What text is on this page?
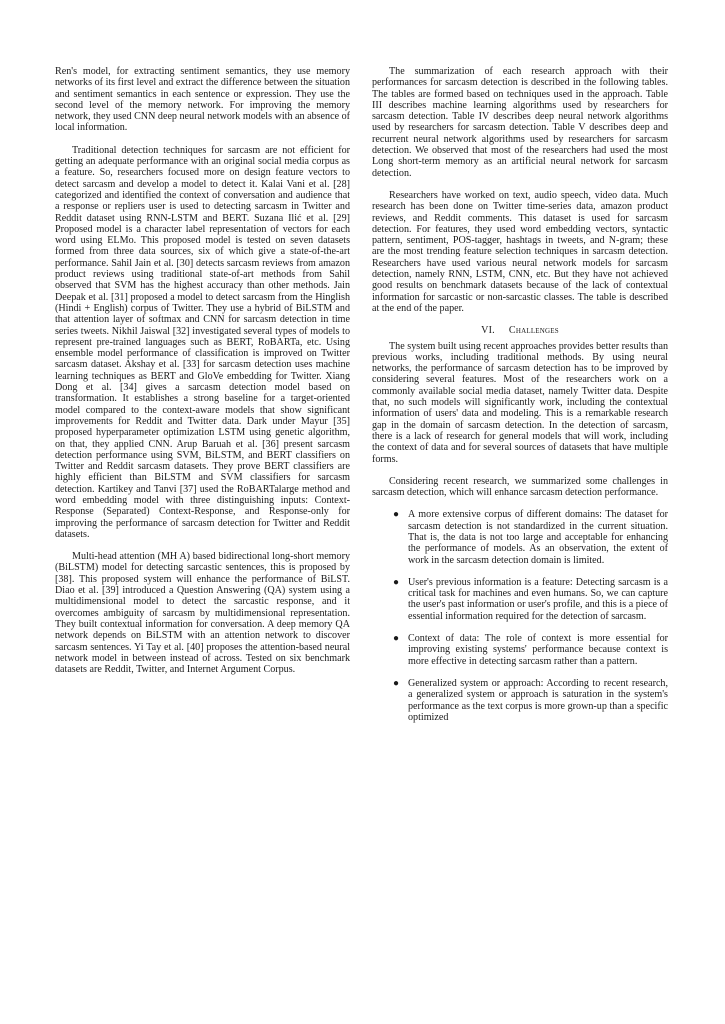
Ren's model, for extracting sentiment semantics, they use memory networks of its first level and extract the difference between the situation and sentiment semantics in each sentence or expression. They use the second level of the memory network. For improving the memory network, they used CNN deep neural network models with an absence of local information.

Traditional detection techniques for sarcasm are not efficient for getting an adequate performance with an original social media corpus as a feature. So, researchers focused more on design feature vectors to detect sarcasm and develop a model to detect it. Kalai Vani et al. [28] categorized and identified the context of conversation and audience that a response or repliers user is used to detecting sarcasm in Twitter and Reddit dataset using RNN-LSTM and BERT. Suzana Ilić et al. [29] Proposed model is a character label representation of vectors for each word using ELMo. This proposed model is tested on seven datasets formed from three data sources, six of which give a state-of-the-art performance. Sahil Jain et al. [30] detects sarcasm reviews from amazon product reviews using traditional state-of-art methods from Sahil observed that SVM has the highest accuracy than other methods. Jain Deepak et al. [31] proposed a model to detect sarcasm from the Hinglish (Hindi + English) corpus of Twitter. They use a hybrid of BiLSTM and that attention layer of softmax and CNN for sarcasm detection in time series tweets. Nikhil Jaiswal [32] investigated several types of models to represent pre-trained languages such as BERT, RoBARTa, etc. Using ensemble model performance of classification is improved on Twitter sarcasm dataset. Akshay et al. [33] for sarcasm detection uses machine learning techniques as BERT and GloVe embedding for Twitter. Xiang Dong et al. [34] gives a sarcasm detection model based on transformation. It establishes a strong baseline for a target-oriented model compared to the context-aware models that show significant improvements for Reddit and Twitter data. Dark under Mayur [35] proposed hyperparameter optimization LSTM using genetic algorithm, on that, they applied CNN. Arup Baruah et al. [36] present sarcasm detection performance using SVM, BiLSTM, and BERT classifiers on Twitter and Reddit sarcasm datasets. They prove BERT classifiers are highly efficient than BiLSTM and SVM classifiers for sarcasm detection. Kartikey and Tanvi [37] used the RoBARTalarge method and word embedding model with three distinguishing inputs: Context-Response (Separated) Context-Response, and Response-only for improving the performance of sarcasm detection for Twitter and Reddit datasets.

Multi-head attention (MH A) based bidirectional long-short memory (BiLSTM) model for detecting sarcastic sentences, this is proposed by [38]. This proposed system will enhance the performance of BiLST. Diao et al. [39] introduced a Question Answering (QA) system using a multidimensional model to detect the sarcastic response, and it overcomes ambiguity of sarcasm by multidimensional representation. They built contextual information for conversation. A deep memory QA network depends on BiLSTM with an attention network to discover sarcasm sentences. Yi Tay et al. [40] proposes the attention-based neural network model in between instead of across. Tested on six benchmark datasets are Reddit, Twitter, and Internet Argument Corpus.

The summarization of each research approach with their performances for sarcasm detection is described in the following tables. The tables are formed based on techniques used in the approach. Table III describes machine learning algorithms used by researchers for sarcasm detection. Table IV describes deep neural network algorithms used by researchers for sarcasm detection. Table V describes deep and recurrent neural network algorithms used by researchers for sarcasm detection. We observed that most of the researchers had used the most Long short-term memory as an artificial neural network for sarcasm detection.

Researchers have worked on text, audio speech, video data. Much research has been done on Twitter time-series data, amazon product reviews, and Reddit comments. This dataset is used for sarcasm detection. For features, they used word embedding vectors, syntactic pattern, sentiment, POS-tagger, hashtags in tweets, and N-gram; these are the most trending feature selection techniques in sarcasm detection. Researchers have used various neural network models for sarcasm detection, namely RNN, LSTM, CNN, etc. But they have not achieved good results on benchmark datasets because of the lack of contextual information for sarcastic or non-sarcastic classes. The table is described at the end of the paper.

VI. Challenges

The system built using recent approaches provides better results than previous works, including traditional methods. By using neural networks, the performance of sarcasm detection has to be improved by considering several features. Most of the researchers work on a commonly available social media dataset, namely Twitter data. Despite that, no such models will significantly work, including the contextual information of users' data and modeling. This is a remarkable research gap in the domain of sarcasm detection. In the detection of sarcasm, there is a lack of research for general models that will work, including the context of data and for several sources of datasets that have multiple forms.

Considering recent research, we summarized some challenges in sarcasm detection, which will enhance sarcasm detection performance.

● A more extensive corpus of different domains: The dataset for sarcasm detection is not standardized in the current situation. That is, the data is not too large and acceptable for enhancing the performance of models. As an observation, the extent of work in the sarcasm detection domain is limited.
● User's previous information is a feature: Detecting sarcasm is a critical task for machines and even humans. So, we can capture the user's past information or user's profile, and this is a piece of essential information required for the detection of sarcasm.
● Context of data: The role of context is more essential for improving existing systems' performance because context is more effective in detecting sarcasm rather than a pattern.
● Generalized system or approach: According to recent research, a generalized system or approach is saturation in the system's performance as the text corpus is more grown-up than a specific optimized
